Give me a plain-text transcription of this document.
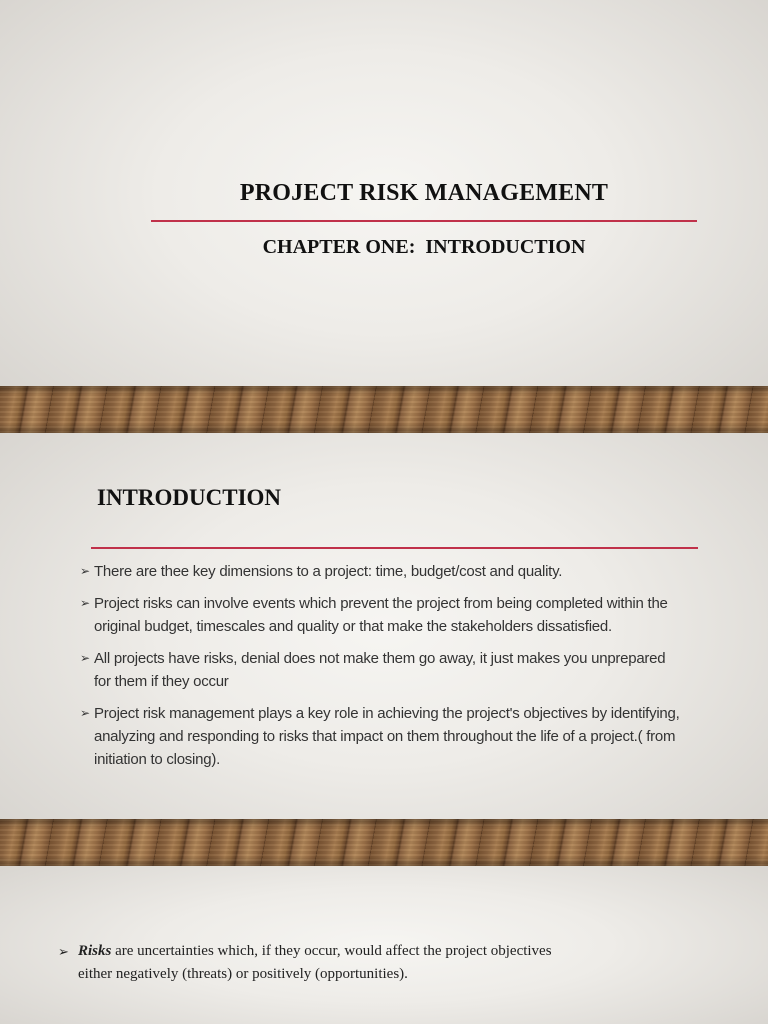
PROJECT RISK MANAGEMENT
CHAPTER ONE:  INTRODUCTION
INTRODUCTION
➢ There are thee key dimensions to a project: time, budget/cost and quality.
➢ Project risks can involve events which prevent the project from being completed within the original budget, timescales and quality or that make the stakeholders dissatisfied.
➢ All projects have risks, denial does not make them go away, it just makes you unprepared for them if they occur
➢ Project risk management plays a key role in achieving the project's objectives by identifying, analyzing and responding to risks that impact on them throughout the life of a project.( from initiation to closing).
➢ Risks are uncertainties which, if they occur, would affect the project objectives either negatively (threats) or positively (opportunities).
